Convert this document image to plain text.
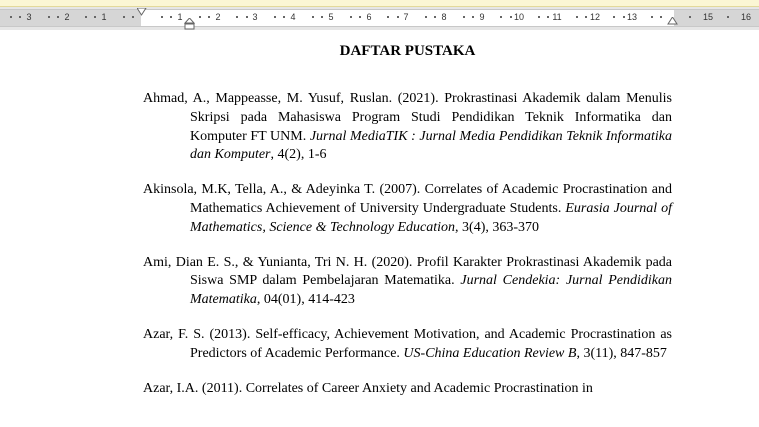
3	2	1	1	2	3	4	5	6	7	8	9	10	11	12	13	15	16
DAFTAR PUSTAKA

Ahmad, A., Mappeasse, M. Yusuf, Ruslan. (2021). Prokrastinasi Akademik dalam Menulis Skripsi pada Mahasiswa Program Studi Pendidikan Teknik Informatika dan Komputer FT UNM. Jurnal MediaTIK : Jurnal Media Pendidikan Teknik Informatika dan Komputer, 4(2), 1-6

Akinsola, M.K, Tella, A., & Adeyinka T. (2007). Correlates of Academic Procrastination and Mathematics Achievement of University Undergraduate Students. Eurasia Journal of Mathematics, Science & Technology Education, 3(4), 363-370

Ami, Dian E. S., & Yunianta, Tri N. H. (2020). Profil Karakter Prokrastinasi Akademik pada Siswa SMP dalam Pembelajaran Matematika. Jurnal Cendekia: Jurnal Pendidikan Matematika, 04(01), 414-423

Azar, F. S. (2013). Self-efficacy, Achievement Motivation, and Academic Procrastination as Predictors of Academic Performance. US-China Education Review B, 3(11), 847-857

Azar, I.A. (2011). Correlates of Career Anxiety and Academic Procrastination in
